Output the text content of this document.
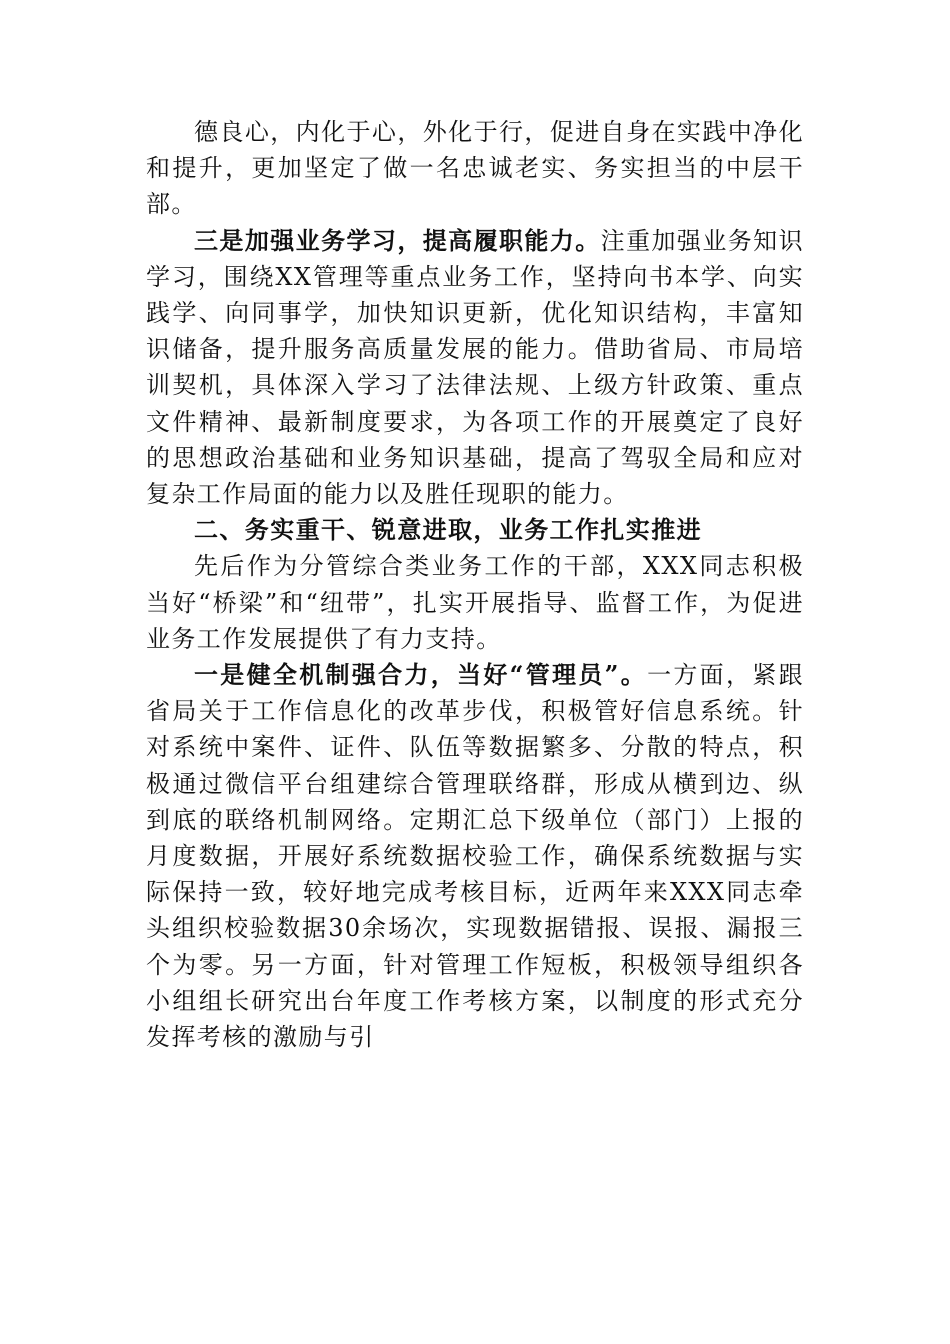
德良心，内化于心，外化于行，促进自身在实践中净化和提升，更加坚定了做一名忠诚老实、务实担当的中层干部。

三是加强业务学习，提高履职能力。注重加强业务知识学习，围绕XX管理等重点业务工作，坚持向书本学、向实践学、向同事学，加快知识更新，优化知识结构，丰富知识储备，提升服务高质量发展的能力。借助省局、市局培训契机，具体深入学习了法律法规、上级方针政策、重点文件精神、最新制度要求，为各项工作的开展奠定了良好的思想政治基础和业务知识基础，提高了驾驭全局和应对复杂工作局面的能力以及胜任现职的能力。

二、务实重干、锐意进取，业务工作扎实推进

先后作为分管综合类业务工作的干部，XXX同志积极当好“桥梁”和“纽带”，扎实开展指导、监督工作，为促进业务工作发展提供了有力支持。

一是健全机制强合力，当好“管理员”。一方面，紧跟省局关于工作信息化的改革步伐，积极管好信息系统。针对系统中案件、证件、队伍等数据繁多、分散的特点，积极通过微信平台组建综合管理联络群，形成从横到边、纵到底的联络机制网络。定期汇总下级单位（部门）上报的月度数据，开展好系统数据校验工作，确保系统数据与实际保持一致，较好地完成考核目标，近两年来XXX同志牵头组织校验数据30余场次，实现数据错报、误报、漏报三个为零。另一方面，针对管理工作短板，积极领导组织各小组组长研究出台年度工作考核方案，以制度的形式充分发挥考核的激励与引
